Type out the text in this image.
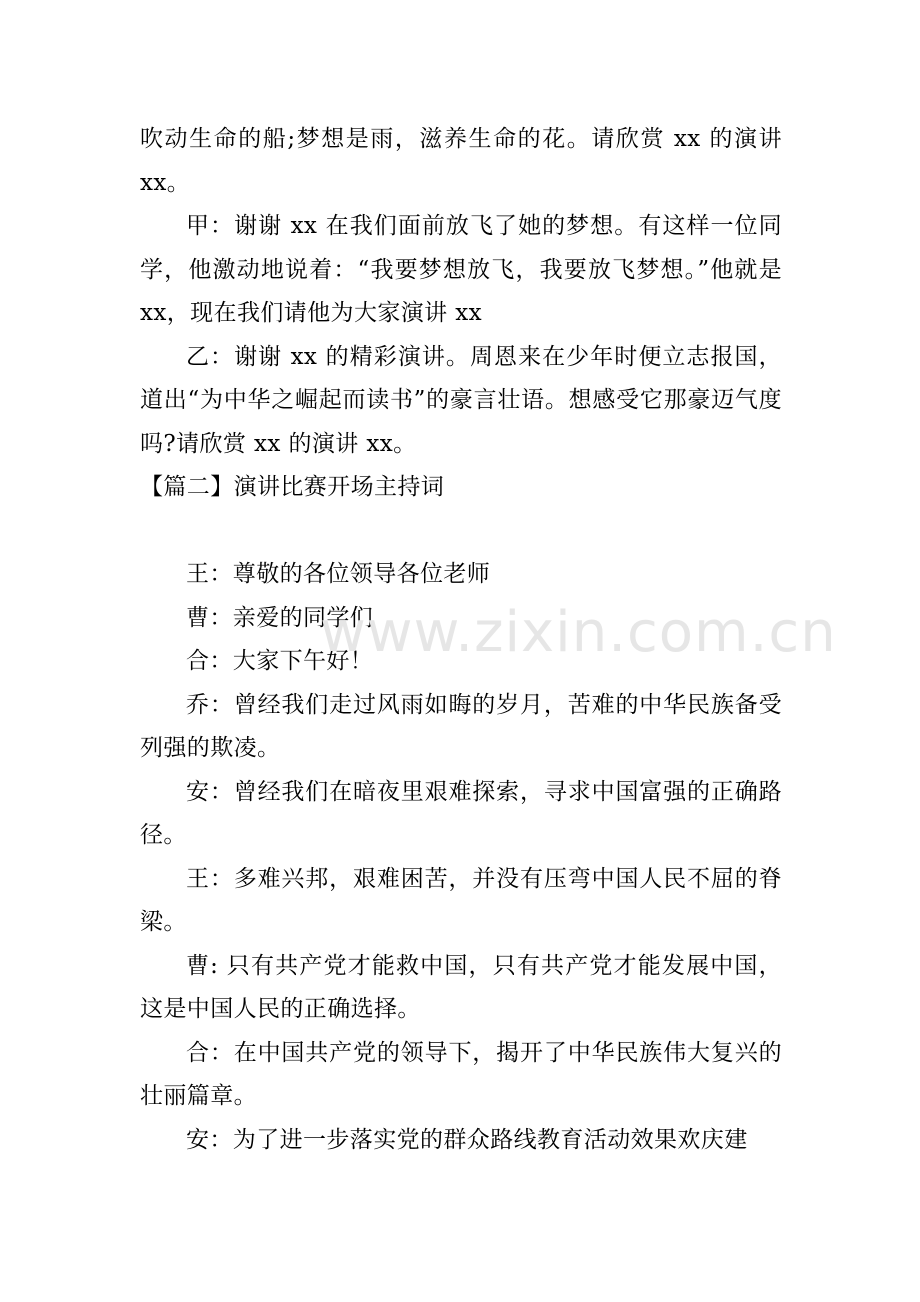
吹动生命的船;梦想是雨，滋养生命的花。请欣赏 xx 的演讲 xx。

甲：谢谢 xx 在我们面前放飞了她的梦想。有这样一位同学，他激动地说着：“我要梦想放飞，我要放飞梦想。”他就是 xx，现在我们请他为大家演讲 xx

乙：谢谢 xx 的精彩演讲。周恩来在少年时便立志报国，道出“为中华之崛起而读书”的豪言壮语。想感受它那豪迈气度吗?请欣赏 xx 的演讲 xx。

【篇二】演讲比赛开场主持词

王：尊敬的各位领导各位老师

曹：亲爱的同学们

合：大家下午好！

乔：曾经我们走过风雨如晦的岁月，苦难的中华民族备受列强的欺凌。

安：曾经我们在暗夜里艰难探索，寻求中国富强的正确路径。

王：多难兴邦，艰难困苦，并没有压弯中国人民不屈的脊梁。

曹: 只有共产党才能救中国，只有共产党才能发展中国，这是中国人民的正确选择。

合：在中国共产党的领导下，揭开了中华民族伟大复兴的壮丽篇章。

安：为了进一步落实党的群众路线教育活动效果欢庆建

www.zixin.com.cn
